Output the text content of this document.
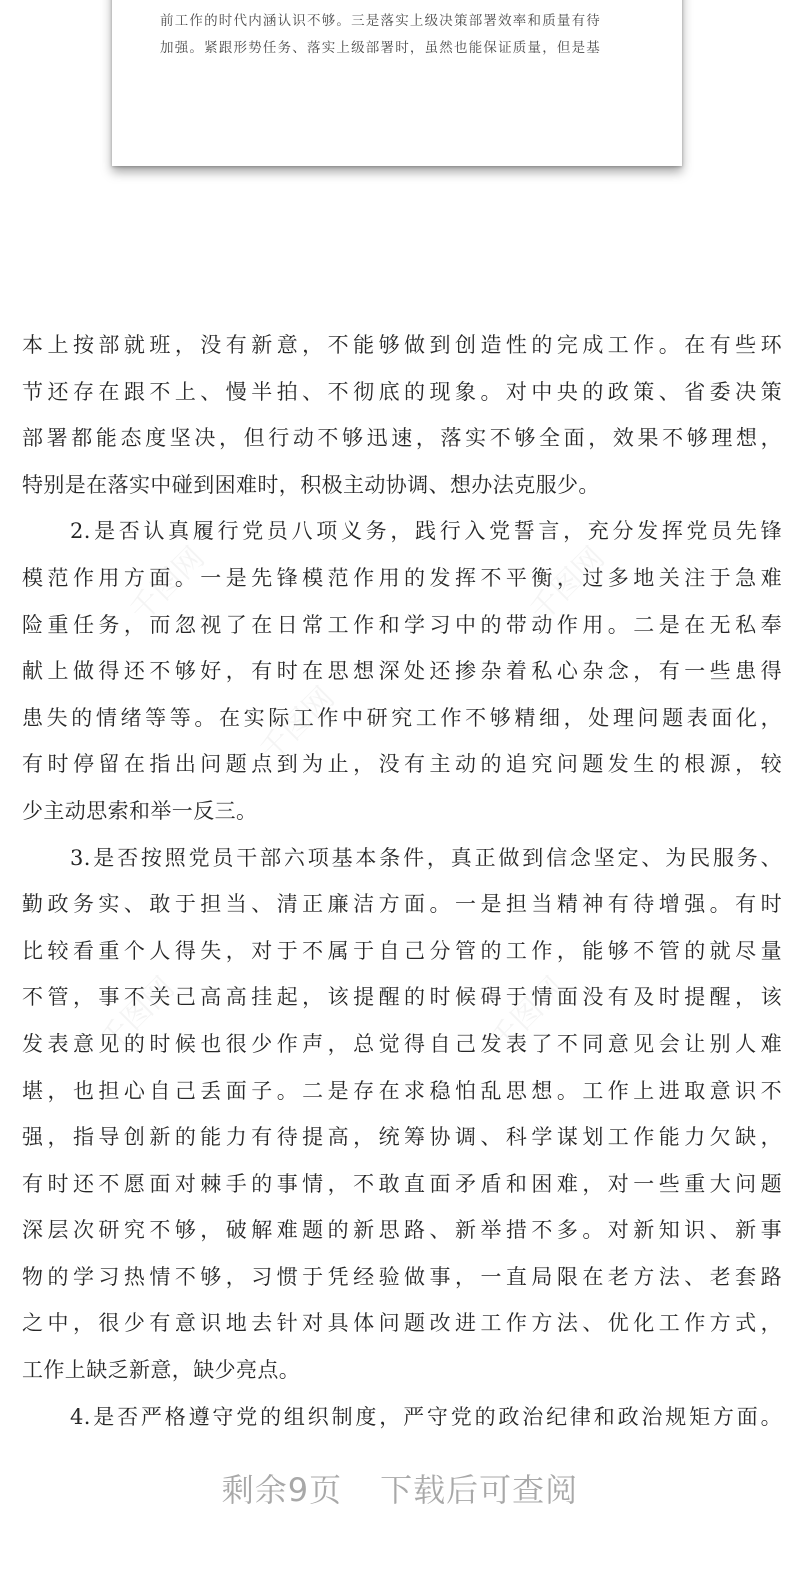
前工作的时代内涵认识不够。三是落实上级决策部署效率和质量有待
加强。紧跟形势任务、落实上级部署时，虽然也能保证质量，但是基
千图网	千图网
千图网
千图网	千图网
本上按部就班，没有新意，不能够做到创造性的完成工作。在有些环
节还存在跟不上、慢半拍、不彻底的现象。对中央的政策、省委决策
部署都能态度坚决，但行动不够迅速，落实不够全面，效果不够理想，
特别是在落实中碰到困难时，积极主动协调、想办法克服少。
2.是否认真履行党员八项义务，践行入党誓言，充分发挥党员先锋
模范作用方面。一是先锋模范作用的发挥不平衡，过多地关注于急难
险重任务，而忽视了在日常工作和学习中的带动作用。二是在无私奉
献上做得还不够好，有时在思想深处还掺杂着私心杂念，有一些患得
患失的情绪等等。在实际工作中研究工作不够精细，处理问题表面化，
有时停留在指出问题点到为止，没有主动的追究问题发生的根源，较
少主动思索和举一反三。
3.是否按照党员干部六项基本条件，真正做到信念坚定、为民服务、
勤政务实、敢于担当、清正廉洁方面。一是担当精神有待增强。有时
比较看重个人得失，对于不属于自己分管的工作，能够不管的就尽量
不管，事不关己高高挂起，该提醒的时候碍于情面没有及时提醒，该
发表意见的时候也很少作声，总觉得自己发表了不同意见会让别人难
堪，也担心自己丢面子。二是存在求稳怕乱思想。工作上进取意识不
强，指导创新的能力有待提高，统筹协调、科学谋划工作能力欠缺，
有时还不愿面对棘手的事情，不敢直面矛盾和困难，对一些重大问题
深层次研究不够，破解难题的新思路、新举措不多。对新知识、新事
物的学习热情不够，习惯于凭经验做事，一直局限在老方法、老套路
之中，很少有意识地去针对具体问题改进工作方法、优化工作方式，
工作上缺乏新意，缺少亮点。
4.是否严格遵守党的组织制度，严守党的政治纪律和政治规矩方面。
剩余9页 下载后可查阅
